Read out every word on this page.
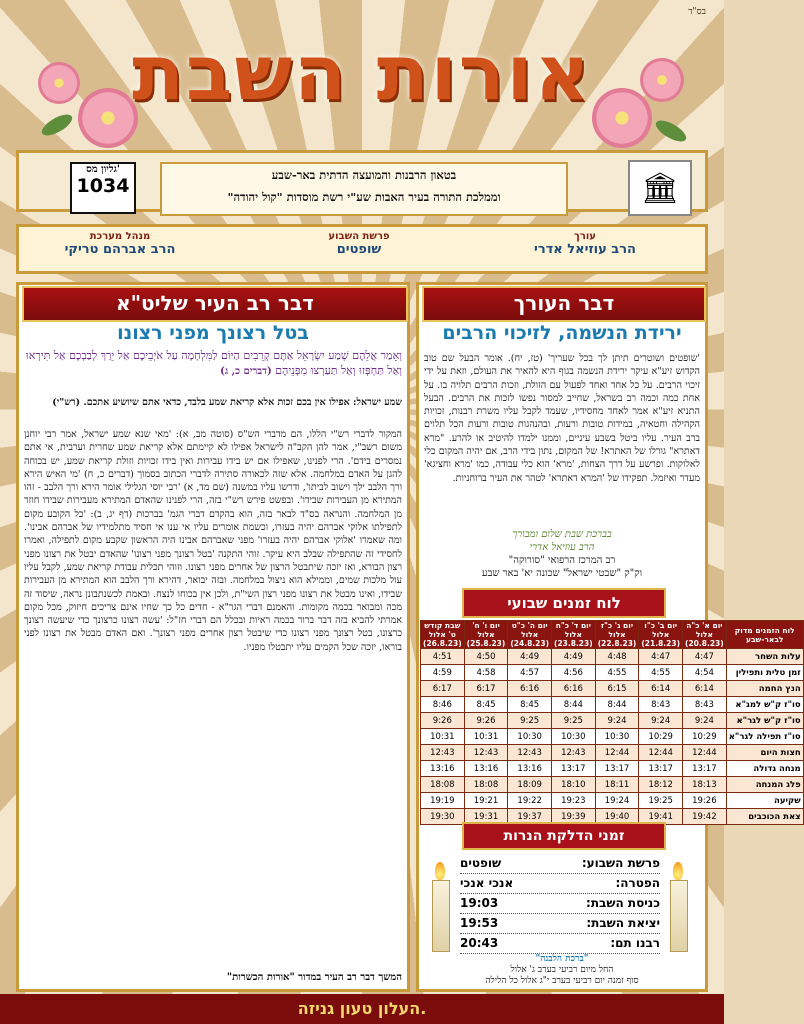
בס"ד
אורות השבת
גליון מס'
1034	בטאון הרבנות והמועצה הדתית באר-שבע
וממלכת התורה בעיר האבות שע"י רשת מוסדות "קול יהודה"	🏛
עורך
הרב עוזיאל אדרי
פרשת השבוע
שופטים
מנהל מערכת
הרב אברהם טריקי
דבר העורך
ירידת הנשמה, לזיכוי הרבים
'שופטים ושוטרים תיתן לך בכל שעריך' (טז, יח). אומר הבעל שם טוב הקדוש זיע"א עיקר ירידת הנשמה בגוף היא להאיר את העולם, וזאת על ידי זיכוי הרבים. על כל אחד ואחד לפעול עם הזולת, וזכות הרבים תלויה בו. על אחת כמה וכמה רב בשראל, שחייב למסור נפשו לזכות את הרבים. הבעל התניא זיע"א אמר לאחד מחסידיו, שעמד לקבל עליו משרת רבנות, זכויות הקהילה וחטאיה, במידות טובות ורעות, ובהנהגות טובות ורעות הכל תלוים ברב העיר. עליו ביטל בשבע עיניים, וממנו ילמדו להיטיב או להרע. "מרא דאתרא" גורלו של האתרא! של המקום, נתון בידי הרב, אם יהיה המקום כלי לאלוקות. ופרשע על דרך הצחות, 'מרא' הוא כלי עבודה, כמו 'מרא וחציגא' מעדר ואיזמל. תפקידו של 'המרא דאתרא' לטהר את העיר ברוחניות.
בברכת שבת שלום ומבורך
הרב עוזיאל אדרי
רב המרכז הרפואי "סורוקה"
וק"ק "שבטי ישראל" שכונה יא' באר שבע
לוח זמנים שבועי
לוח הזמנים מדוק לבאר-שבע	יום א' כ"ה אלול (20.8.23)	יום ב' כ"ו אלול (21.8.23)	יום ג' כ"ז אלול (22.8.23)	יום ד' כ"ח אלול (23.8.23)	יום ה' כ"ט אלול (24.8.23)	יום ו' ח' אלול (25.8.23)	שבת קודש ט' אלול (26.8.23)
עלות השחר	4:47	4:47	4:48	4:49	4:49	4:50	4:51
זמן טלית ותפילין	4:54	4:55	4:55	4:56	4:57	4:58	4:59
הנץ החמה	6:14	6:14	6:15	6:16	6:16	6:17	6:17
סו"ז ק"ש למג"א	8:43	8:43	8:44	8:44	8:45	8:45	8:46
סו"ז ק"ש לגר"א	9:24	9:24	9:24	9:25	9:25	9:26	9:26
סו"ז תפילה לגר"א	10:29	10:29	10:30	10:30	10:30	10:31	10:31
חצות היום	12:44	12:44	12:44	12:43	12:43	12:43	12:43
מנחה גדולה	13:17	13:17	13:17	13:17	13:16	13:16	13:16
פלג המנחה	18:13	18:12	18:11	18:10	18:09	18:08	18:08
שקיעה	19:26	19:25	19:24	19:23	19:22	19:21	19:19
צאת הכוכבים	19:42	19:41	19:40	19:39	19:37	19:31	19:30
זמני הדלקת הנרות
פרשת השבוע:
שופטים
הפטרה:
אנכי אנכי
כניסת השבת:
19:03
יציאת השבת:
19:53
רבנו תם:
20:43
"ברכת הלבנה"
החל מיום רביעי בערב ג' אלול
סוף זמנה יום רביעי בערב י"ג אלול כל הלילה
דבר רב העיר שליט"א
בטל רצונך מפני רצונו
וְאָמַר אֲלֵהֶם שְׁמַע יִשְׂרָאֵל אַתֶּם קְרֵבִים הַיּוֹם לַמִּלְחָמָה עַל אֹיְבֵיכֶם אַל יֵרַךְ לְבַבְכֶם אַל תִּירְאוּ וְאַל תַּחְפְּזוּ וְאַל תַּעַרְצוּ מִפְּנֵיהֶם (דברים כ, ג)
שמע ישראל: אפילו אין בכם זכות אלא קריאת שמע בלבד, כדאי אתם שיושיע אתכם. (רש"י)
המקור לדברי רש"י הללו, הם מדברי הש"ס (סוטה מב, א): 'מאי שנא שמע ישראל, אמר רבי יוחנן משום רשב"י, אמר להן הקב"ה לישראל אפילו לא קיימתם אלא קריאת שמע שחרית וערבית, אי אתם נמסרים בידם'. הרי לפנינו, שאפילו אם יש בידו עבירות ואין בידו זכויות וזולת קריאת שמע, יש בכוחה להגן על האדם במלחמה. אלא שזה לכאורה סתירה לדברי הכתוב בסמוך (דברים כ, ח) 'מי האיש הירא ורך הלבב ילך וישוב לביתו', ודרשו עליו במשנה (שם מד, א) 'רבי יוסי הגלילי אומר הירא ורך הלבב - זהו המתירא מן העבירות שבידו'. ובפשט פירש רש"י בזה, הרי לפנינו שהאדם המתירא מעבירות שבידו חוזר מן המלחמה. והנראה בס"ד לבאר בזה, הוא בהקדם דברי הגמ' בברכות (דף יג, ב): 'כל הקובע מקום לתפילתו אלוקי אברהם יהיה בעזרו, וכשמת אומרים עליו אי ענו אי חסיד מתלמידיו של אברהם אבינו'. ומה שאמרו 'אלוקי אברהם יהיה בעזרו' מפני שאברהם אבינו היה הראשון שקבע מקום לתפילה, ואמרו לחסידי זה שהתפילה שבלב היא עיקר. זוהי התקנה 'בטל רצונך מפני רצונו' שהאדם יבטל את רצונו מפני רצון הבורא, ואז יזכה שיתבטל הרצון של אחרים מפני רצונו. וזוהי תכלית עבודת קריאת שמע, לקבל עליו עול מלכות שמים, וממילא הוא ניצול במלחמה. ובזה יבואר, דהירא ורך הלבב הוא המתירא מן העבירות שבידו, ואינו מבטל את רצונו מפני רצון השי"ת, ולכן אין בכוחו לנצח. ובאמת לכשנתבונן נראה, שיסוד זה מכה ומבואר בכמה מקומות. והאמנם דברי הגר"א - חדים כל כך שחיו אינם צריכים חיזוק, מכל מקום אמרתי להביא בזה דבר ברור בכמה ראיות ובכלל הם דברי חז"ל: 'עשה רצונו כרצונך כדי שיעשה רצונך כרצונו, בטל רצונך מפני רצונו כדי שיבטל רצון אחרים מפני רצונך'. ואם האדם מבטל את רצונו לפני בוראו, יזכה שכל הקמים עליו יתבטלו מפניו.
המשך דבר רב העיר במדור "אורות הכשרות"
העלון טעון גניזה.
